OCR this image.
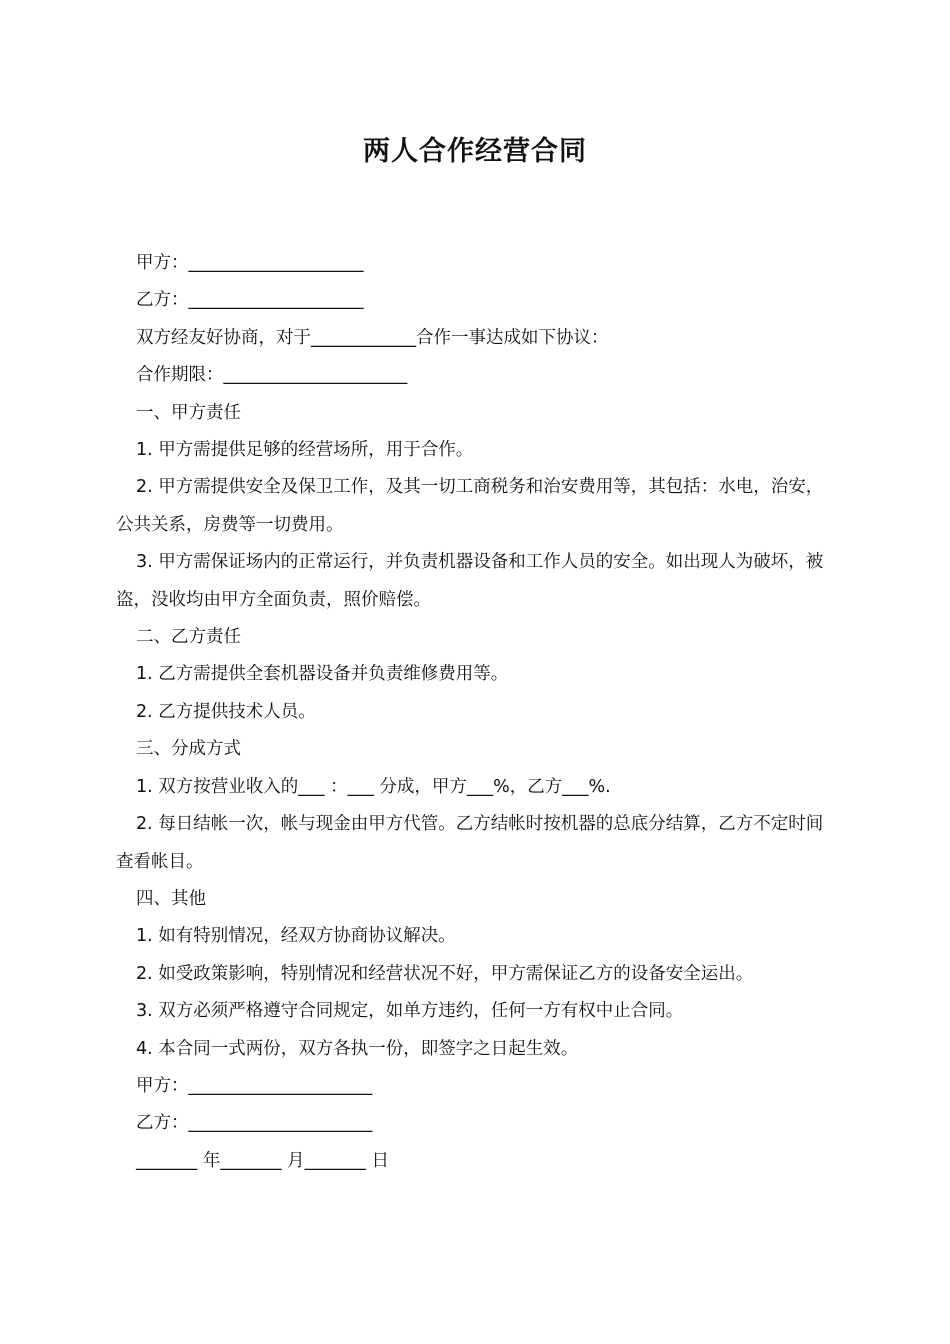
两人合作经营合同

甲方：____________________

乙方：____________________

双方经友好协商，对于____________合作一事达成如下协议：

合作期限：_____________________

一、甲方责任

1. 甲方需提供足够的经营场所，用于合作。

2. 甲方需提供安全及保卫工作，及其一切工商税务和治安费用等，其包括：水电，治安，公共关系，房费等一切费用。

3. 甲方需保证场内的正常运行，并负责机器设备和工作人员的安全。如出现人为破坏，被盗，没收均由甲方全面负责，照价赔偿。

二、乙方责任

1. 乙方需提供全套机器设备并负责维修费用等。

2. 乙方提供技术人员。

三、分成方式

1. 双方按营业收入的___ ：___ 分成，甲方___%，乙方___%.

2. 每日结帐一次，帐与现金由甲方代管。乙方结帐时按机器的总底分结算，乙方不定时间查看帐目。

四、其他

1. 如有特别情况，经双方协商协议解决。

2. 如受政策影响，特别情况和经营状况不好，甲方需保证乙方的设备安全运出。

3. 双方必须严格遵守合同规定，如单方违约，任何一方有权中止合同。

4. 本合同一式两份，双方各执一份，即签字之日起生效。

甲方：_____________________

乙方：_____________________

_______ 年_______ 月_______ 日
